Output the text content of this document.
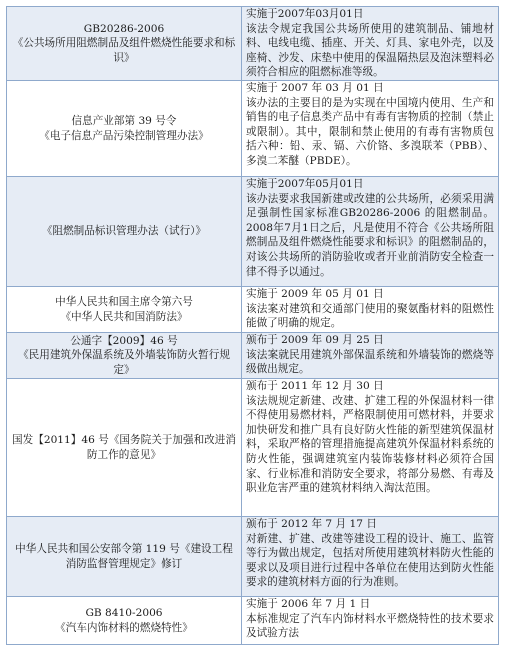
GB20286-2006
《公共场所用阻燃制品及组件燃烧性能要求和标识》	实施于2007年03月01日
该法令规定我国公共场所使用的建筑制品、铺地材料、电线电缆、插座、开关、灯具、家电外壳，以及座椅、沙发、床垫中使用的保温隔热层及泡沫塑料必须符合相应的阻燃标准等级。

信息产业部第 39 号令
《电子信息产品污染控制管理办法》	实施于 2007 年 03 月 01 日
该办法的主要目的是为实现在中国境内使用、生产和销售的电子信息类产品中有毒有害物质的控制（禁止或限制）。其中，限制和禁止使用的有毒有害物质包括六种：铅、汞、镉、六价铬、多溴联苯（PBB）、多溴二苯醚（PBDE）。

《阻燃制品标识管理办法（试行）》	实施于2007年05月01日
该办法要求我国新建或改建的公共场所，必须采用满足强制性国家标准GB20286-2006 的阻燃制品。2008年7月1日之后，凡是使用不符合《公共场所阻燃制品及组件燃烧性能要求和标识》的阻燃制品的，对该公共场所的消防验收或者开业前消防安全检查一律不得予以通过。

中华人民共和国主席令第六号
《中华人民共和国消防法》	实施于 2009 年 05 月 01 日
该法案对建筑和交通部门使用的聚氨酯材料的阻燃性能做了明确的规定。

公通字【2009】46 号
《民用建筑外保温系统及外墙装饰防火暂行规定》	颁布于 2009 年 09 月 25 日
该法案就民用建筑外部保温系统和外墙装饰的燃烧等级做出规定。

国发【2011】46 号《国务院关于加强和改进消防工作的意见》	颁布于 2011 年 12 月 30 日
该法规规定新建、改建、扩建工程的外保温材料一律不得使用易燃材料，严格限制使用可燃材料，并要求加快研发和推广具有良好防火性能的新型建筑保温材料，采取严格的管理措施提高建筑外保温材料系统的防火性能，强调建筑室内装饰装修材料必须符合国家、行业标准和消防安全要求，将部分易燃、有毒及职业危害严重的建筑材料纳入淘汰范围。

中华人民共和国公安部令第 119 号《建设工程消防监督管理规定》修订	颁布于 2012 年 7 月 17 日
对新建、扩建、改建等建设工程的设计、施工、监管等行为做出规定，包括对所使用建筑材料防火性能的要求以及项目进行过程中各单位在使用达到防火性能要求的建筑材料方面的行为准则。

GB 8410-2006
《汽车内饰材料的燃烧特性》	实施于 2006 年 7 月 1 日
本标准规定了汽车内饰材料水平燃烧特性的技术要求及试验方法
